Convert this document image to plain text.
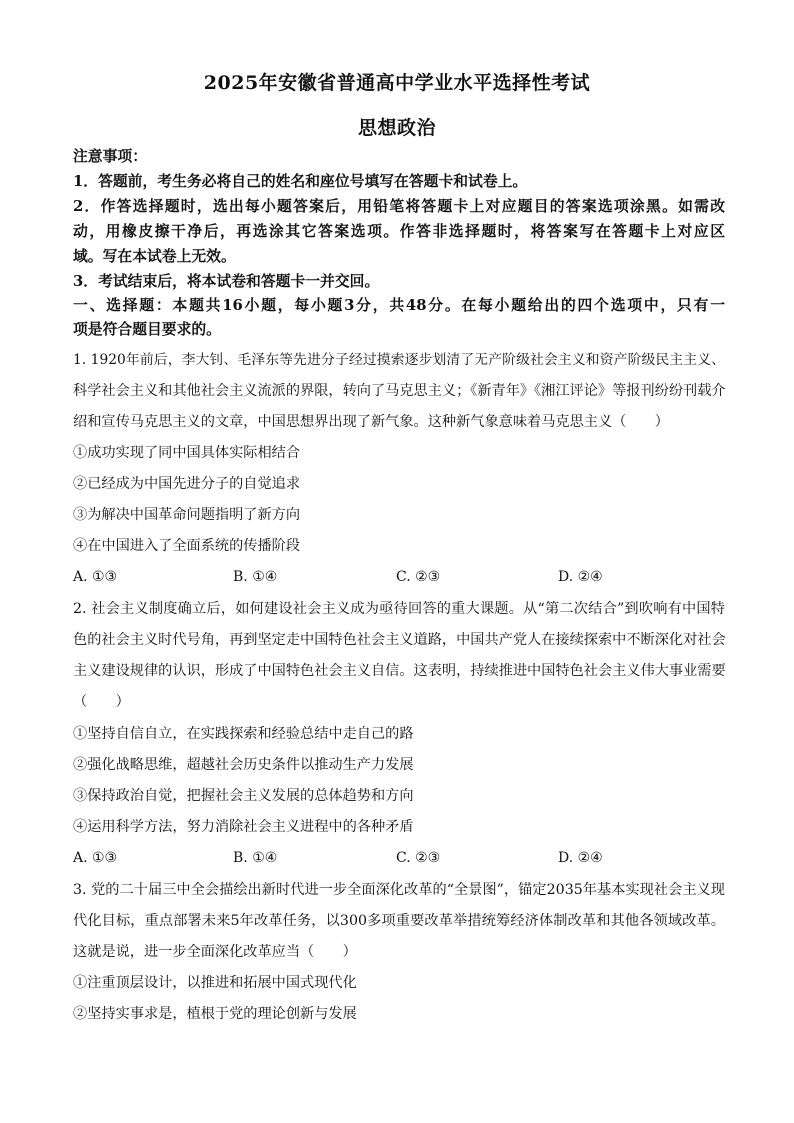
2025年安徽省普通高中学业水平选择性考试
思想政治
注意事项：
1．答题前，考生务必将自己的姓名和座位号填写在答题卡和试卷上。
2．作答选择题时，选出每小题答案后，用铅笔将答题卡上对应题目的答案选项涂黑。如需改
动，用橡皮擦干净后，再选涂其它答案选项。作答非选择题时，将答案写在答题卡上对应区
域。写在本试卷上无效。
3．考试结束后，将本试卷和答题卡一并交回。
一、选择题：本题共16小题，每小题3分，共48分。在每小题给出的四个选项中，只有一
项是符合题目要求的。
1. 1920年前后，李大钊、毛泽东等先进分子经过摸索逐步划清了无产阶级社会主义和资产阶级民主主义、
科学社会主义和其他社会主义流派的界限，转向了马克思主义；《新青年》《湘江评论》等报刊纷纷刊载介
绍和宣传马克思主义的文章，中国思想界出现了新气象。这种新气象意味着马克思主义（　　）
①成功实现了同中国具体实际相结合
②已经成为中国先进分子的自觉追求
③为解决中国革命问题指明了新方向
④在中国进入了全面系统的传播阶段
A. ①③	B. ①④	C. ②③	D. ②④
2. 社会主义制度确立后，如何建设社会主义成为亟待回答的重大课题。从“第二次结合”到吹响有中国特
色的社会主义时代号角，再到坚定走中国特色社会主义道路，中国共产党人在接续探索中不断深化对社会
主义建设规律的认识，形成了中国特色社会主义自信。这表明，持续推进中国特色社会主义伟大事业需要
（　　）
①坚持自信自立，在实践探索和经验总结中走自己的路
②强化战略思维，超越社会历史条件以推动生产力发展
③保持政治自觉，把握社会主义发展的总体趋势和方向
④运用科学方法，努力消除社会主义进程中的各种矛盾
A. ①③	B. ①④	C. ②③	D. ②④
3. 党的二十届三中全会描绘出新时代进一步全面深化改革的“全景图”，锚定2035年基本实现社会主义现
代化目标，重点部署未来5年改革任务，以300多项重要改革举措统筹经济体制改革和其他各领域改革。
这就是说，进一步全面深化改革应当（　　）
①注重顶层设计，以推进和拓展中国式现代化
②坚持实事求是，植根于党的理论创新与发展
